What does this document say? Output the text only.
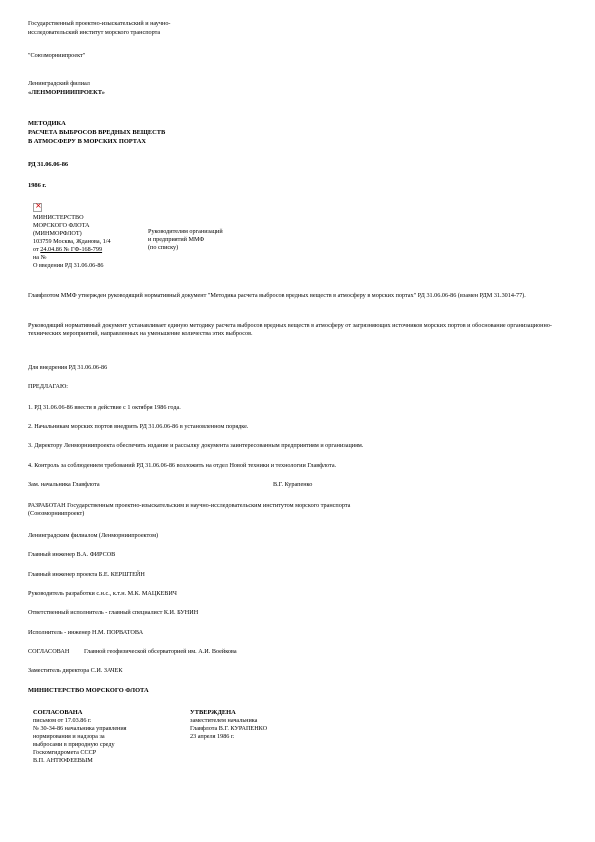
Государственный проектно-изыскательский и научно-
исследовательский институт морского транспорта
"Союзморниипроект"
Ленинградский филиал
«ЛЕНМОРНИИПРОЕКТ»
МЕТОДИКА
РАСЧЕТА ВЫБРОСОВ ВРЕДНЫХ ВЕЩЕСТВ
В АТМОСФЕРУ В МОРСКИХ ПОРТАХ
РД 31.06.06-86
1986 г.
×
МИНИСТЕРСТВО
МОРСКОГО ФЛОТА
(МИНМОРФЛОТ)
103759 Москва, Жданова, 1/4
от 24.04.86 № ГФ-168-799
на №
О введении РД 31.06.06-86
Руководителям организаций
и предприятий ММФ
(по списку)
Главфлотом ММФ утвержден руководящий нормативный документ "Методика расчета выбросов вредных веществ в атмосферу в морских портах" РД 31.06.06-86 (взамен РДМ 31.3014-77).
Руководящий нормативный документ устанавливает единую методику расчета выбросов вредных веществ в атмосферу от загрязняющих источников морских портов и обоснование организационно-технических мероприятий, направленных на уменьшение количества этих выбросов.
Для внедрения РД 31.06.06-86
ПРЕДЛАГАЮ:
1. РД 31.06.06-86 ввести в действие с 1 октября 1986 года.
2. Начальникам морских портов внедрить РД 31.06.06-86 в установленном порядке.
3. Директору Ленморниипроекта обеспечить издание и рассылку документа заинтересованным предприятиям и организациям.
4. Контроль за соблюдением требований РД 31.06.06-86 возложить на отдел Новой техники и технологии Главфлота.
Зам. начальника Главфлота	В.Г. Курапенко
РАЗРАБОТАН Государственным проектно-изыскательским и научно-исследовательским институтом морского транспорта
(Союзморниипроект)
Ленинградским филиалом (Ленморниипроектом)
Главный инженер В.А. ФИРСОВ
Главный инженер проекта Б.Е. КЕРШТЕЙН
Руководитель разработки с.н.с., к.т.н. М.К. МАЦКЕВИЧ
Ответственный исполнитель - главный специалист К.И. БУНИН
Исполнитель - инженер Н.М. ПОРВАТОВА
СОГЛАСОВАН Главной геофизической обсерваторией им. А.И. Воейкова
Заместитель директора С.И. ЗАЧЕК
МИНИСТЕРСТВО МОРСКОГО ФЛОТА
СОГЛАСОВАНА
письмом от 17.03.86 г.
№ 30-34-86 начальника управления
нормирования и надзора за
выбросами в природную среду
Госкомгидромета СССР
В.П. АНТЮФЕЕВЫМ
УТВЕРЖДЕНА
заместителем начальника
Главфлота В.Г. КУРАПЕНКО
23 апреля 1986 г.
